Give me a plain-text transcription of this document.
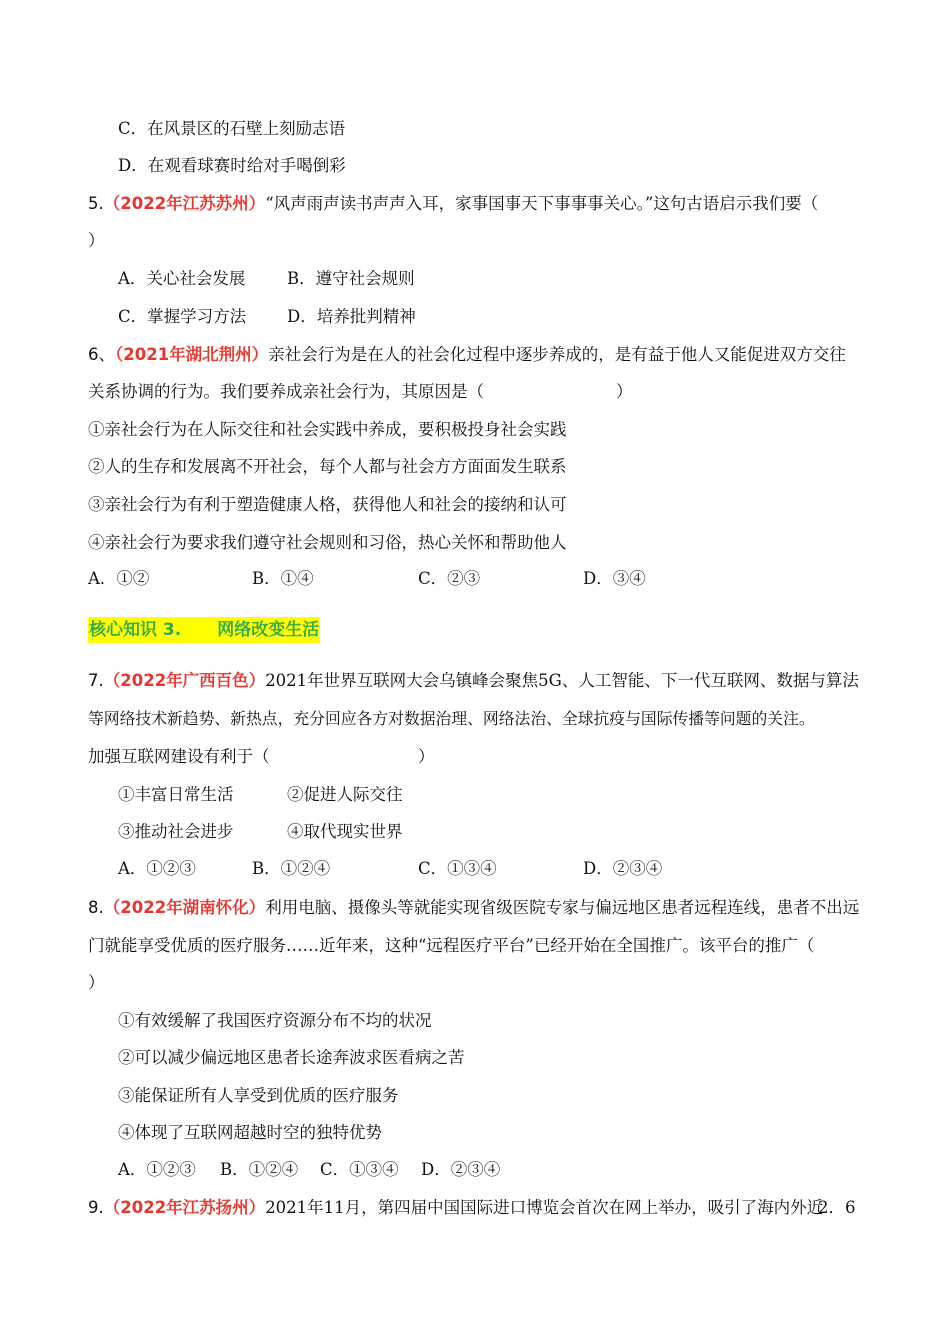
C．在风景区的石壁上刻励志语
D．在观看球赛时给对手喝倒彩
5.（2022年江苏苏州）“风声雨声读书声声入耳，家事国事天下事事事关心。”这句古语启示我们要（
）
A．关心社会发展	B．遵守社会规则
C．掌握学习方法 D．培养批判精神
6、（2021年湖北荆州）亲社会行为是在人的社会化过程中逐步养成的，是有益于他人又能促进双方交往
关系协调的行为。我们要养成亲社会行为，其原因是（　　　　　　　　）
①亲社会行为在人际交往和社会实践中养成，要积极投身社会实践
②人的生存和发展离不开社会，每个人都与社会方方面面发生联系
③亲社会行为有利于塑造健康人格，获得他人和社会的接纳和认可
④亲社会行为要求我们遵守社会规则和习俗，热心关怀和帮助他人
A．①②	B．①④	C．②③	D．③④
核心知识 3. 网络改变生活
7.（2022年广西百色）2021年世界互联网大会乌镇峰会聚焦5G、人工智能、下一代互联网、数据与算法
等网络技术新趋势、新热点，充分回应各方对数据治理、网络法治、全球抗疫与国际传播等问题的关注。
加强互联网建设有利于（　　　　　　　　　）
①丰富日常生活	②促进人际交往
③推动社会进步	④取代现实世界
A．①②③	B．①②④	C．①③④	D．②③④
8.（2022年湖南怀化）利用电脑、摄像头等就能实现省级医院专家与偏远地区患者远程连线，患者不出远
门就能享受优质的医疗服务……近年来，这种“远程医疗平台”已经开始在全国推广。该平台的推广（
）
①有效缓解了我国医疗资源分布不均的状况
②可以减少偏远地区患者长途奔波求医看病之苦
③能保证所有人享受到优质的医疗服务
④体现了互联网超越时空的独特优势
A．①②③ B．①②④ C．①③④ D．②③④
9.（2022年江苏扬州）2021年11月，第四届中国国际进口博览会首次在网上举办，吸引了海内外近
2．6
